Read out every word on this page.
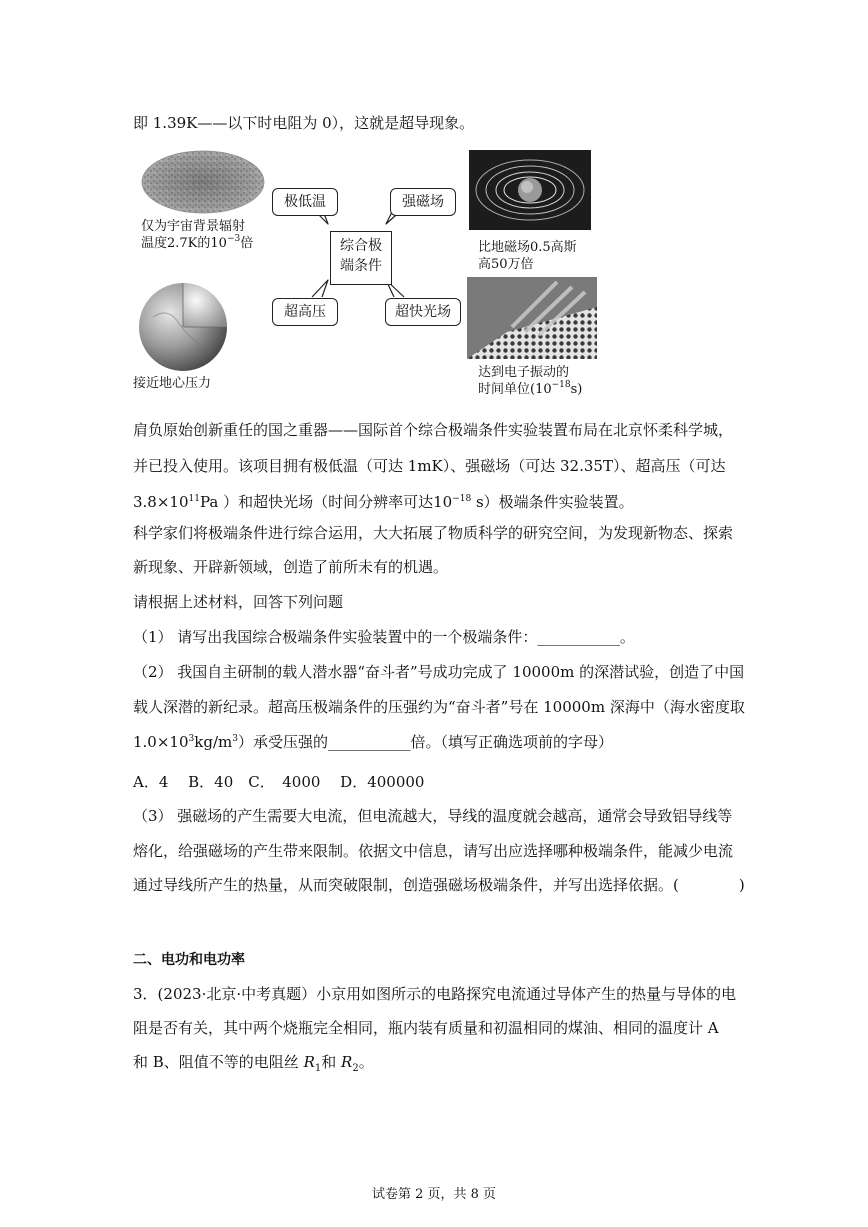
即 1.39K——以下时电阻为 0），这就是超导现象。
仅为宇宙背景辐射
温度2.7K的$10^{-3}$倍
接近地心压力
比地磁场0.5高斯
高50万倍
达到电子振动的
时间单位$(10^{-18}s)$
极低温	强磁场
超高压	超快光场
综合极
端条件
肩负原始创新重任的国之重器——国际首个综合极端条件实验装置布局在北京怀柔科学城，
并已投入使用。该项目拥有极低温（可达 1mK）、强磁场（可达 32.35T）、超高压（可达
$3.8\times 10^{11}Pa$ ）和超快光场（时间分辨率可达$10^{-18}$ s）极端条件实验装置。
科学家们将极端条件进行综合运用，大大拓展了物质科学的研究空间，为发现新物态、探索
新现象、开辟新领域，创造了前所未有的机遇。
请根据上述材料，回答下列问题
（1） 请写出我国综合极端条件实验装置中的一个极端条件：___________。
（2） 我国自主研制的载人潜水器“奋斗者”号成功完成了 10000m 的深潜试验，创造了中国
载人深潜的新纪录。超高压极端条件的压强约为“奋斗者”号在 10000m 深海中（海水密度取
$1.0\times 10^3kg/m^3$）承受压强的___________倍。（填写正确选项前的字母）
A．4　 B．40　C．　4000　 D．400000
（3） 强磁场的产生需要大电流，但电流越大，导线的温度就会越高，通常会导致铝导线等
熔化，给强磁场的产生带来限制。依据文中信息，请写出应选择哪种极端条件，能减少电流
通过导线所产生的热量，从而突破限制，创造强磁场极端条件，并写出选择依据。(　　　　)
二、电功和电功率
3．(2023·北京·中考真题）小京用如图所示的电路探究电流通过导体产生的热量与导体的电
阻是否有关，其中两个烧瓶完全相同，瓶内装有质量和初温相同的煤油、相同的温度计 A
和 B、阻值不等的电阻丝 $R_1$和 $R_2$。
试卷第 2 页，共 8 页
